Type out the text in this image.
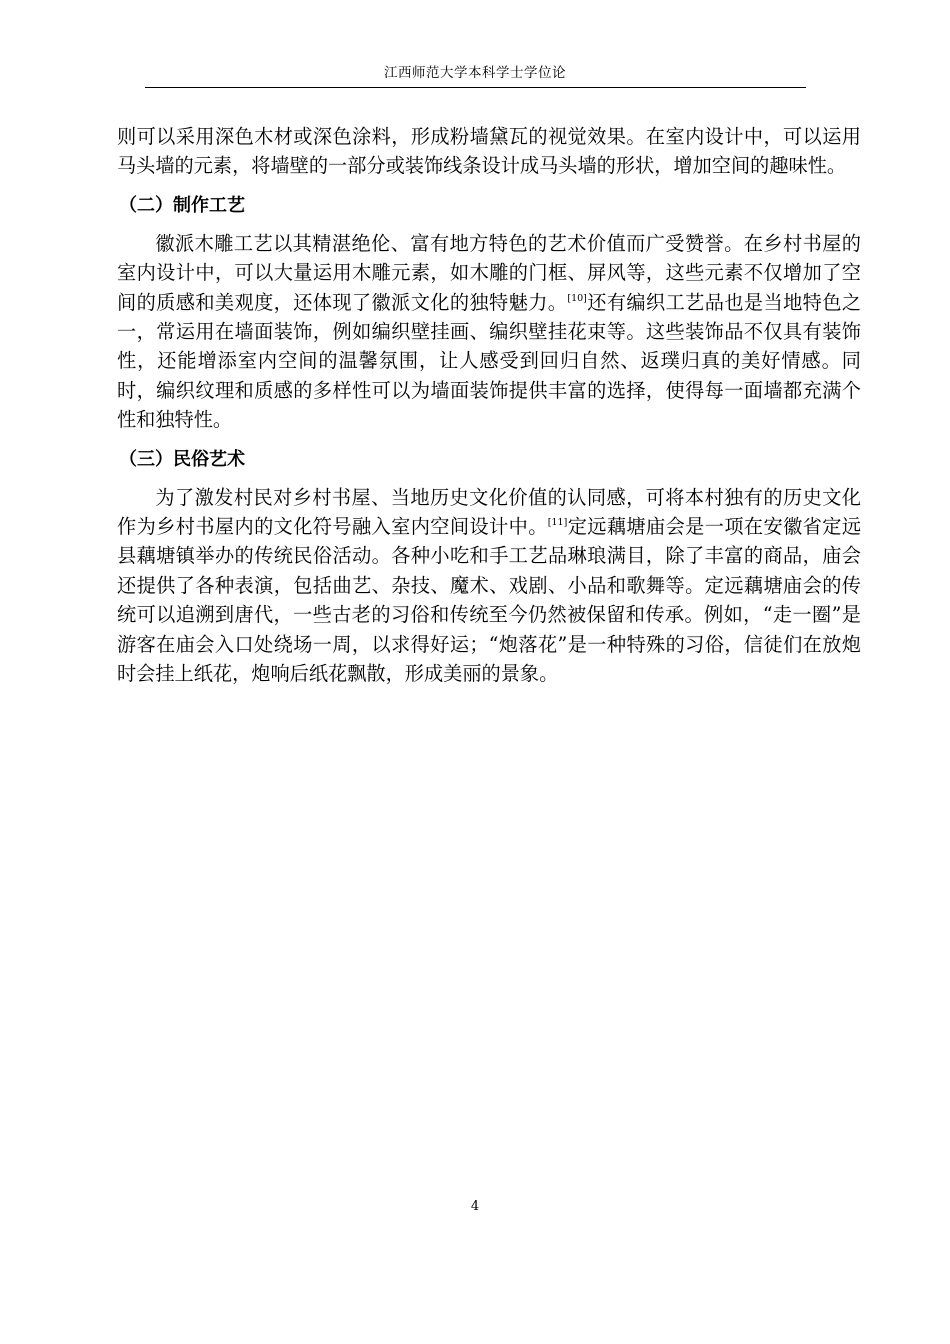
江西师范大学本科学士学位论

则可以采用深色木材或深色涂料，形成粉墙黛瓦的视觉效果。在室内设计中，可以运用马头墙的元素，将墙壁的一部分或装饰线条设计成马头墙的形状，增加空间的趣味性。

（二）制作工艺

徽派木雕工艺以其精湛绝伦、富有地方特色的艺术价值而广受赞誉。在乡村书屋的室内设计中，可以大量运用木雕元素，如木雕的门框、屏风等，这些元素不仅增加了空间的质感和美观度，还体现了徽派文化的独特魅力。[10]还有编织工艺品也是当地特色之一，常运用在墙面装饰，例如编织壁挂画、编织壁挂花束等。这些装饰品不仅具有装饰性，还能增添室内空间的温馨氛围，让人感受到回归自然、返璞归真的美好情感。同时，编织纹理和质感的多样性可以为墙面装饰提供丰富的选择，使得每一面墙都充满个性和独特性。

（三）民俗艺术

为了激发村民对乡村书屋、当地历史文化价值的认同感，可将本村独有的历史文化作为乡村书屋内的文化符号融入室内空间设计中。[11]定远藕塘庙会是一项在安徽省定远县藕塘镇举办的传统民俗活动。各种小吃和手工艺品琳琅满目，除了丰富的商品，庙会还提供了各种表演，包括曲艺、杂技、魔术、戏剧、小品和歌舞等。定远藕塘庙会的传统可以追溯到唐代，一些古老的习俗和传统至今仍然被保留和传承。例如，“走一圈”是游客在庙会入口处绕场一周，以求得好运；“炮落花”是一种特殊的习俗，信徒们在放炮时会挂上纸花，炮响后纸花飘散，形成美丽的景象。

4
